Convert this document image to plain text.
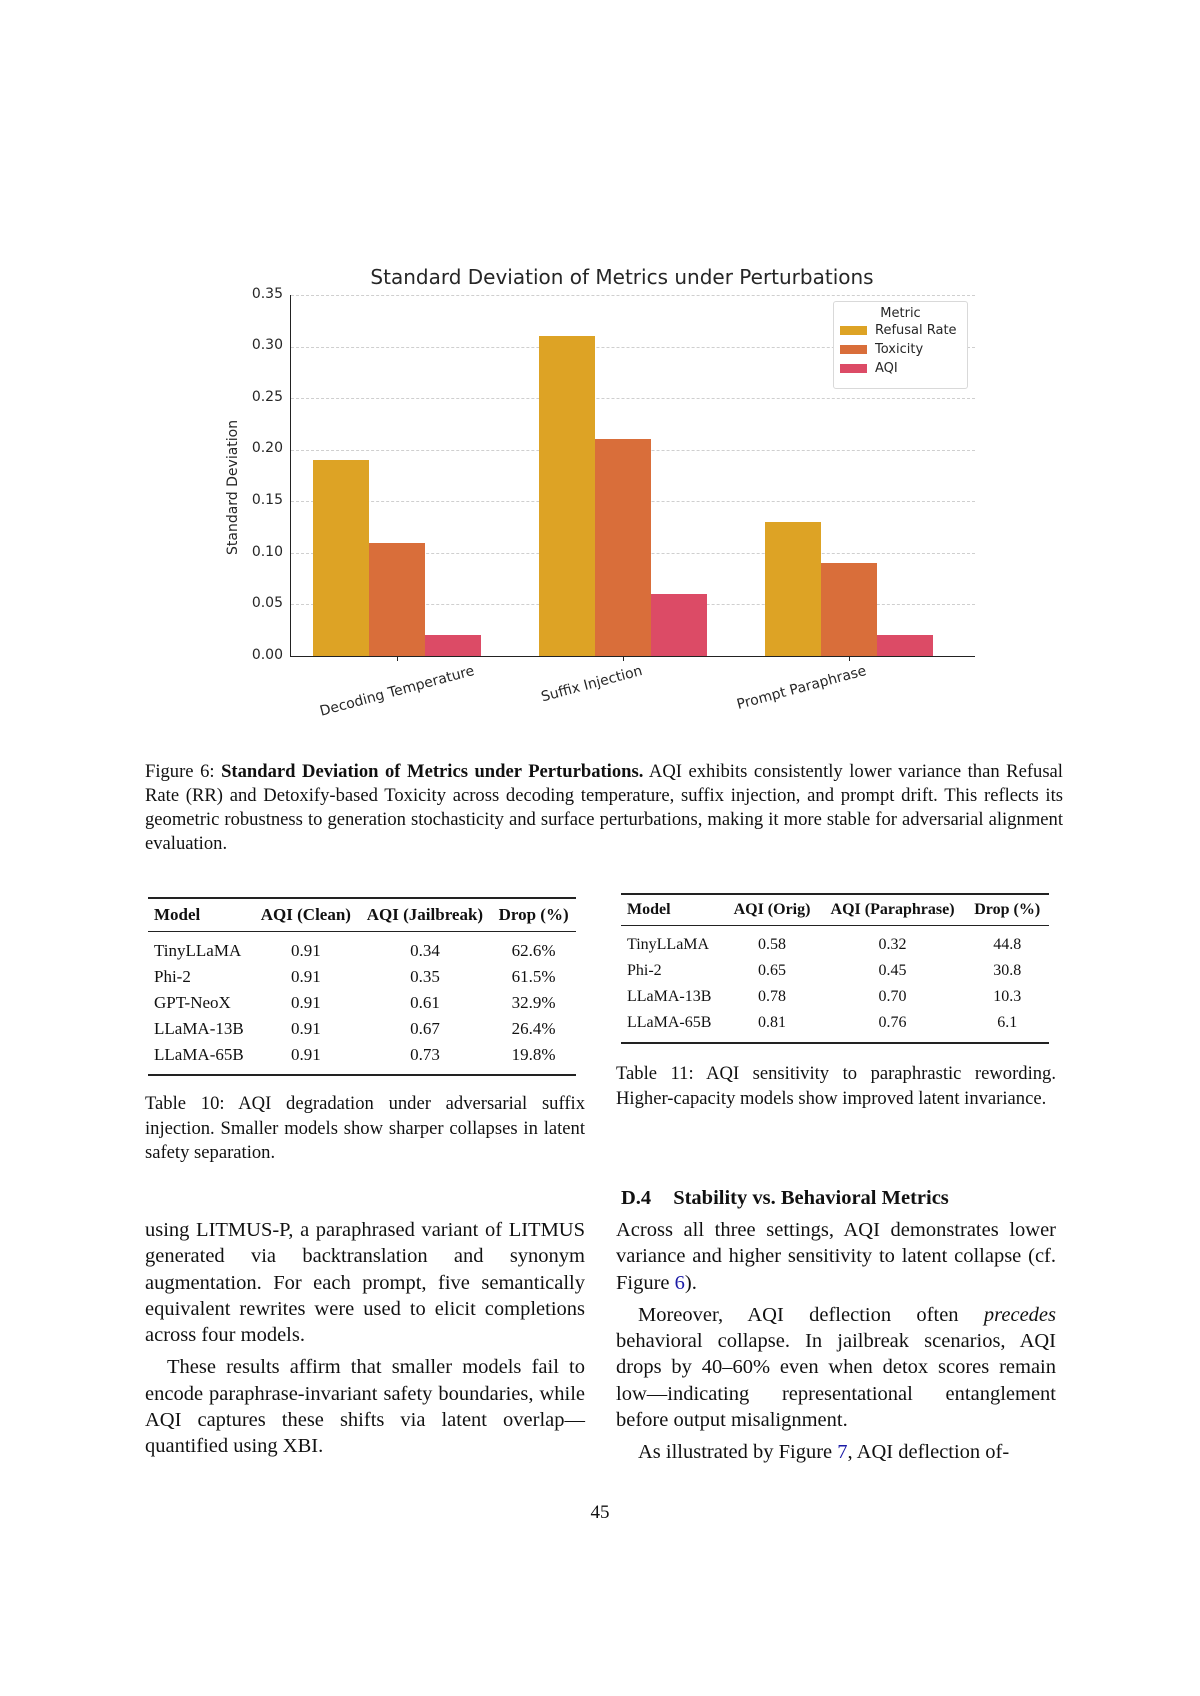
Standard Deviation of Metrics under Perturbations
Standard Deviation
0.00
0.05
0.10
0.15
0.20
0.25
0.30
0.35
Decoding Temperature	Suffix Injection	Prompt Paraphrase
Metric
Refusal Rate
Toxicity
AQI
Figure 6: Standard Deviation of Metrics under Perturbations. AQI exhibits consistently lower variance than Refusal Rate (RR) and Detoxify-based Toxicity across decoding temperature, suffix injection, and prompt drift. This reflects its geometric robustness to generation stochasticity and surface perturbations, making it more stable for adversarial alignment evaluation.
Model	AQI (Clean)	AQI (Jailbreak)	Drop (%)
TinyLLaMA	0.91	0.34	62.6%
Phi-2	0.91	0.35	61.5%
GPT-NeoX	0.91	0.61	32.9%
LLaMA-13B	0.91	0.67	26.4%
LLaMA-65B	0.91	0.73	19.8%
Table 10: AQI degradation under adversarial suffix injection. Smaller models show sharper collapses in latent safety separation.
Model	AQI (Orig)	AQI (Paraphrase)	Drop (%)
TinyLLaMA	0.58	0.32	44.8
Phi-2	0.65	0.45	30.8
LLaMA-13B	0.78	0.70	10.3
LLaMA-65B	0.81	0.76	6.1
Table 11: AQI sensitivity to paraphrastic rewording. Higher-capacity models show improved latent invariance.

using LITMUS-P, a paraphrased variant of LITMUS generated via backtranslation and synonym augmentation. For each prompt, five semantically equivalent rewrites were used to elicit completions across four models.

These results affirm that smaller models fail to encode paraphrase-invariant safety boundaries, while AQI captures these shifts via latent overlap—quantified using XBI.

D.4 Stability vs. Behavioral Metrics

Across all three settings, AQI demonstrates lower variance and higher sensitivity to latent collapse (cf. Figure 6).

Moreover, AQI deflection often precedes behavioral collapse. In jailbreak scenarios, AQI drops by 40–60% even when detox scores remain low—indicating representational entanglement before output misalignment.

As illustrated by Figure 7, AQI deflection of-

45
